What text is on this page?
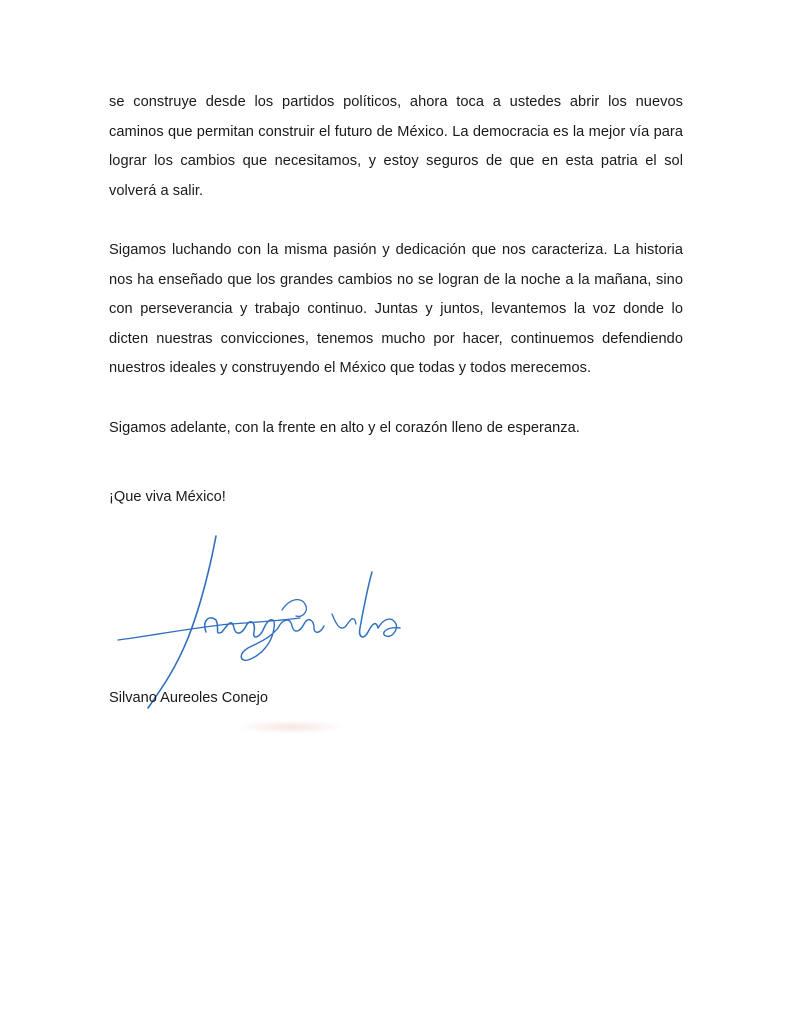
se construye desde los partidos políticos, ahora toca a ustedes abrir los nuevos caminos que permitan construir el futuro de México. La democracia es la mejor vía para lograr los cambios que necesitamos, y estoy seguros de que en esta patria el sol volverá a salir.

Sigamos luchando con la misma pasión y dedicación que nos caracteriza. La historia nos ha enseñado que los grandes cambios no se logran de la noche a la mañana, sino con perseverancia y trabajo continuo. Juntas y juntos, levantemos la voz donde lo dicten nuestras convicciones, tenemos mucho por hacer, continuemos defendiendo nuestros ideales y construyendo el México que todas y todos merecemos.

Sigamos adelante, con la frente en alto y el corazón lleno de esperanza.

¡Que viva México!

Silvano Aureoles Conejo
